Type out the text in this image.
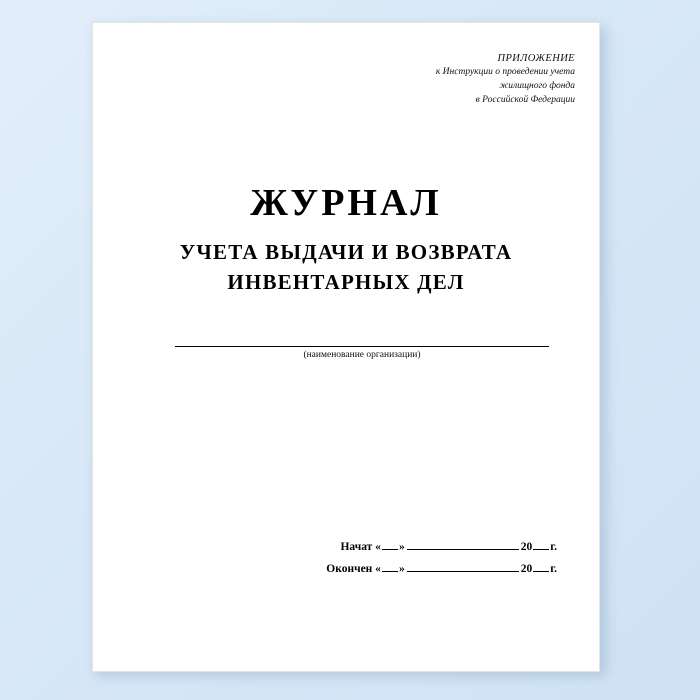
ПРИЛОЖЕНИЕ
к Инструкции о проведении учета
жилищного фонда
в Российской Федерации
ЖУРНАЛ
УЧЕТА ВЫДАЧИ И ВОЗВРАТА
ИНВЕНТАРНЫХ ДЕЛ
(наименование организации)
Начат « »	20 г.
Окончен « »	20 г.
